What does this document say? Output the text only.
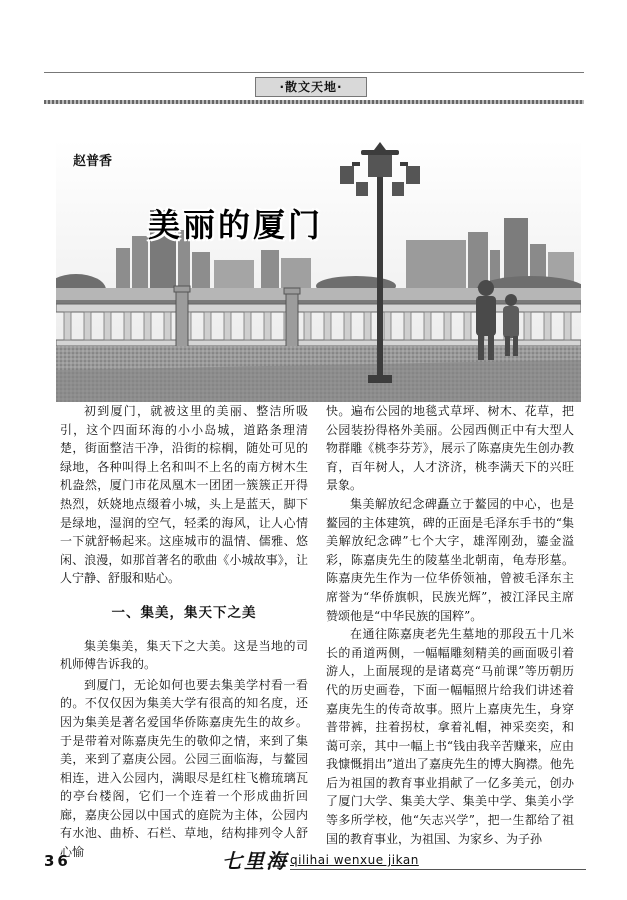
·散文天地·
赵普香
美丽的厦门

初到厦门，就被这里的美丽、整洁所吸引，这个四面环海的小小岛城，道路条理清楚，街面整洁干净，沿街的棕榈，随处可见的绿地，各种叫得上名和叫不上名的南方树木生机盎然，厦门市花凤凰木一团团一簇簇正开得热烈，妖娆地点缀着小城，头上是蓝天，脚下是绿地，湿润的空气，轻柔的海风，让人心情一下就舒畅起来。这座城市的温情、儒雅、悠闲、浪漫，如那首著名的歌曲《小城故事》，让人宁静、舒服和贴心。

一、集美，集天下之美

集美集美，集天下之大美。这是当地的司机师傅告诉我的。

到厦门，无论如何也要去集美学村看一看的。不仅仅因为集美大学有很高的知名度，还因为集美是著名爱国华侨陈嘉庚先生的故乡。于是带着对陈嘉庚先生的敬仰之情，来到了集美，来到了嘉庚公园。公园三面临海，与鳌园相连，进入公园内，满眼尽是红柱飞檐琉璃瓦的亭台楼阁，它们一个连着一个形成曲折回廊，嘉庚公园以中国式的庭院为主体，公园内有水池、曲桥、石栏、草地，结构排列令人舒心愉

快。遍布公园的地毯式草坪、树木、花草，把公园装扮得格外美丽。公园西侧正中有大型人物群雕《桃李芬芳》，展示了陈嘉庚先生创办教育，百年树人，人才济济，桃李满天下的兴旺景象。

集美解放纪念碑矗立于鳌园的中心，也是鳌园的主体建筑，碑的正面是毛泽东手书的“集美解放纪念碑”七个大字，雄浑刚劲，鎏金溢彩，陈嘉庚先生的陵墓坐北朝南，龟寿形墓。陈嘉庚先生作为一位华侨领袖，曾被毛泽东主席誉为“华侨旗帜，民族光辉”，被江泽民主席赞颂他是“中华民族的国粹”。

在通往陈嘉庚老先生墓地的那段五十几米长的甬道两侧，一幅幅雕刻精美的画面吸引着游人，上面展现的是诸葛亮“马前课”等历朝历代的历史画卷，下面一幅幅照片给我们讲述着嘉庚先生的传奇故事。照片上嘉庚先生，身穿普带裤，拄着拐杖，拿着礼帽，神采奕奕，和蔼可亲，其中一幅上书“钱由我辛苦赚来，应由我慷慨捐出”道出了嘉庚先生的博大胸襟。他先后为祖国的教育事业捐献了一亿多美元，创办了厦门大学、集美大学、集美中学、集美小学等多所学校，他“矢志兴学”，把一生都给了祖国的教育事业，为祖国、为家乡、为子孙

36	七里海 qilihai wenxue jikan
